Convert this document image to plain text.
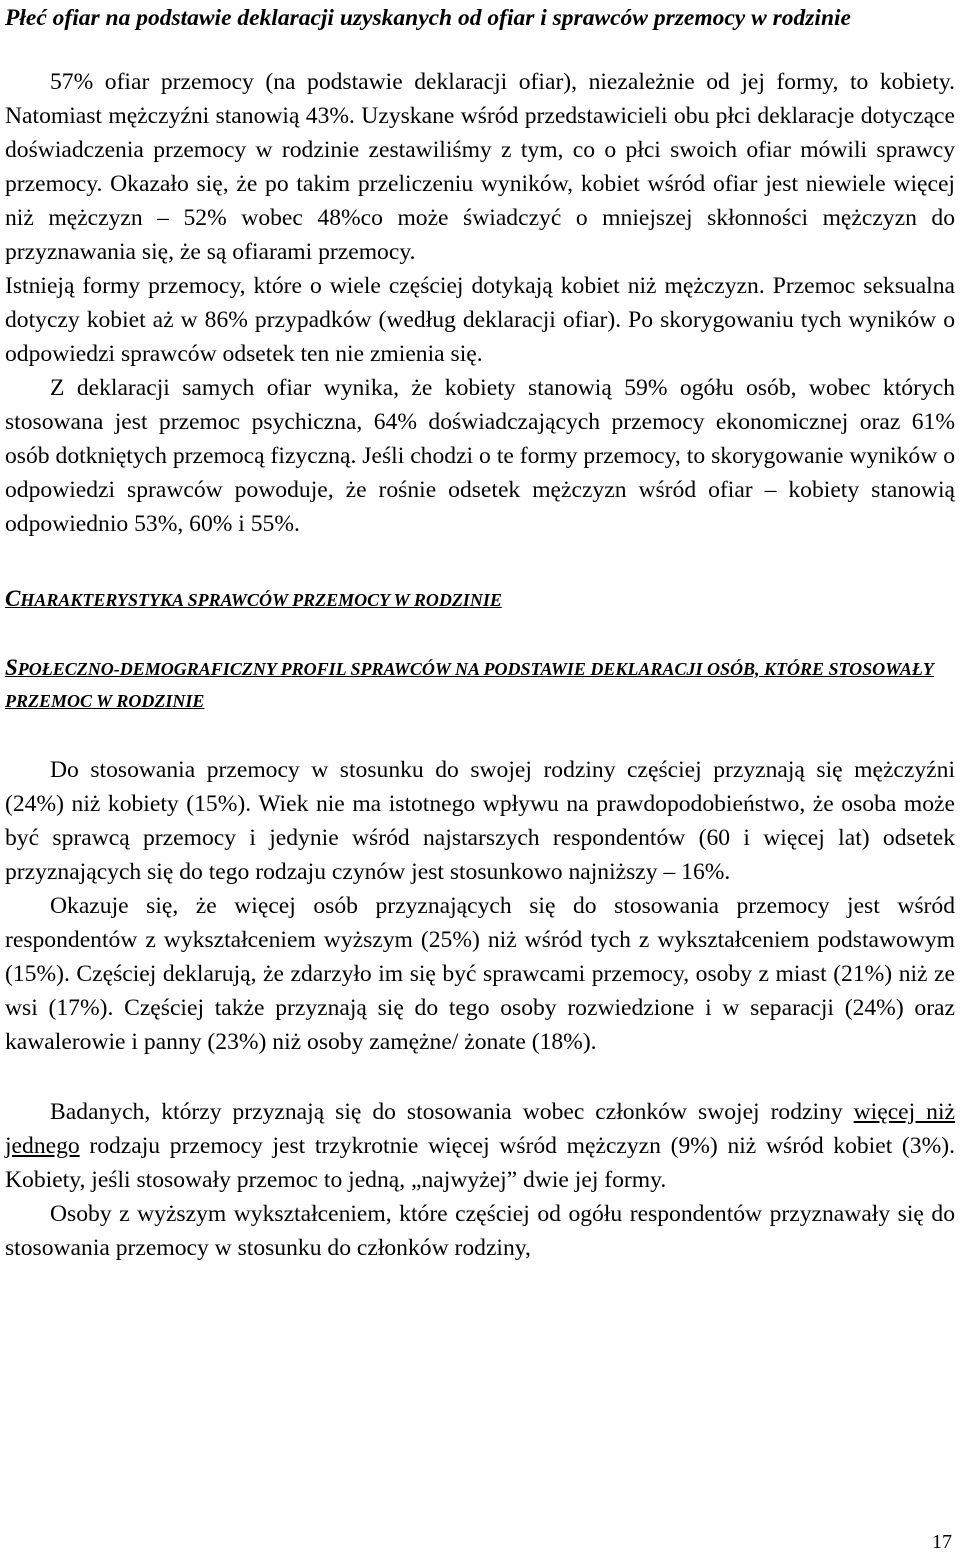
Płeć ofiar na podstawie deklaracji uzyskanych od ofiar i sprawców przemocy w rodzinie

57% ofiar przemocy (na podstawie deklaracji ofiar), niezależnie od jej formy, to kobiety. Natomiast mężczyźni stanowią 43%. Uzyskane wśród przedstawicieli obu płci deklaracje dotyczące doświadczenia przemocy w rodzinie zestawiliśmy z tym, co o płci swoich ofiar mówili sprawcy przemocy. Okazało się, że po takim przeliczeniu wyników, kobiet wśród ofiar jest niewiele więcej niż mężczyzn – 52% wobec 48%co może świadczyć o mniejszej skłonności mężczyzn do przyznawania się, że są ofiarami przemocy.

Istnieją formy przemocy, które o wiele częściej dotykają kobiet niż mężczyzn. Przemoc seksualna dotyczy kobiet aż w 86% przypadków (według deklaracji ofiar). Po skorygowaniu tych wyników o odpowiedzi sprawców odsetek ten nie zmienia się.

Z deklaracji samych ofiar wynika, że kobiety stanowią 59% ogółu osób, wobec których stosowana jest przemoc psychiczna, 64% doświadczających przemocy ekonomicznej oraz 61% osób dotkniętych przemocą fizyczną. Jeśli chodzi o te formy przemocy, to skorygowanie wyników o odpowiedzi sprawców powoduje, że rośnie odsetek mężczyzn wśród ofiar – kobiety stanowią odpowiednio 53%, 60% i 55%.

CHARAKTERYSTYKA SPRAWCÓW PRZEMOCY W RODZINIE
SPOŁECZNO-DEMOGRAFICZNY PROFIL SPRAWCÓW NA PODSTAWIE DEKLARACJI OSÓB, KTÓRE STOSOWAŁY PRZEMOC W RODZINIE

Do stosowania przemocy w stosunku do swojej rodziny częściej przyznają się mężczyźni (24%) niż kobiety (15%). Wiek nie ma istotnego wpływu na prawdopodobieństwo, że osoba może być sprawcą przemocy i jedynie wśród najstarszych respondentów (60 i więcej lat) odsetek przyznających się do tego rodzaju czynów jest stosunkowo najniższy – 16%.

Okazuje się, że więcej osób przyznających się do stosowania przemocy jest wśród respondentów z wykształceniem wyższym (25%) niż wśród tych z wykształceniem podstawowym (15%). Częściej deklarują, że zdarzyło im się być sprawcami przemocy, osoby z miast (21%) niż ze wsi (17%). Częściej także przyznają się do tego osoby rozwiedzione i w separacji (24%) oraz kawalerowie i panny (23%) niż osoby zamężne/ żonate (18%).

Badanych, którzy przyznają się do stosowania wobec członków swojej rodziny więcej niż jednego rodzaju przemocy jest trzykrotnie więcej wśród mężczyzn (9%) niż wśród kobiet (3%). Kobiety, jeśli stosowały przemoc to jedną, „najwyżej” dwie jej formy.

Osoby z wyższym wykształceniem, które częściej od ogółu respondentów przyznawały się do stosowania przemocy w stosunku do członków rodziny,

17
